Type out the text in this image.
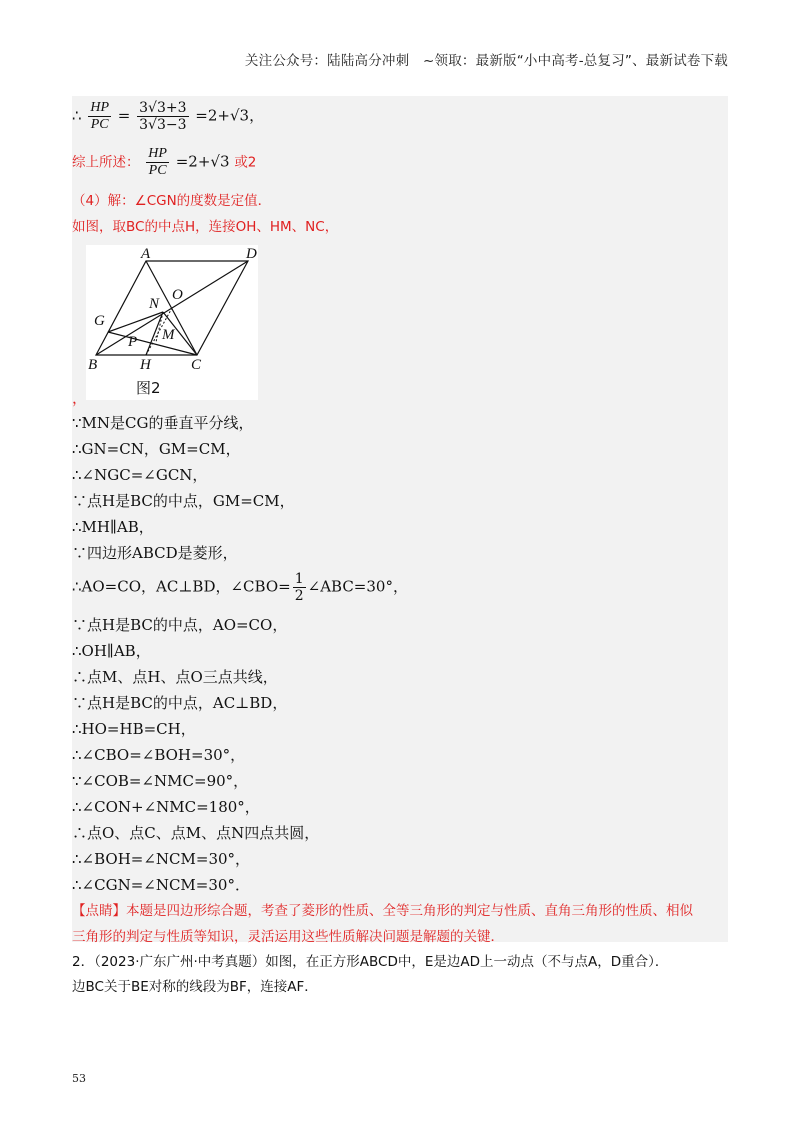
关注公众号：陆陆高分冲刺　~领取：最新版“小中高考-总复习”、最新试卷下载
∴ $\frac{HP}{PC} = \frac{3√3+3}{3√3-3} =2+√3$，
综上所述： $\frac{HP}{PC} =2+√3$ 或2
（4）解：∠CGN的度数是定值．
如图，取BC的中点H，连接OH、HM、NC，
A	D
N
O
G
M
P
B	H	C
图2
，
∵MN是CG的垂直平分线，
∴GN=CN，GM=CM，
∴∠NGC=∠GCN，
∵点H是BC的中点，GM=CM，
∴MH∥AB，
∵四边形ABCD是菱形，
∴AO=CO，AC⊥BD，∠CBO= $\frac{1}{2}$ ∠ABC=30°，
∵点H是BC的中点，AO=CO，
∴OH∥AB，
∴点M、点H、点O三点共线，
∵点H是BC的中点，AC⊥BD，
∴HO=HB=CH，
∴∠CBO=∠BOH=30°，
∵∠COB=∠NMC=90°，
∴∠CON+∠NMC=180°，
∴点O、点C、点M、点N四点共圆，
∴∠BOH=∠NCM=30°，
∴∠CGN=∠NCM=30°．
【点睛】本题是四边形综合题，考查了菱形的性质、全等三角形的判定与性质、直角三角形的性质、相似
三角形的判定与性质等知识，灵活运用这些性质解决问题是解题的关键．
2．（2023·广东广州·中考真题）如图，在正方形ABCD中，E是边AD上一动点（不与点A，D重合）．
边BC关于BE对称的线段为BF，连接AF．
53
